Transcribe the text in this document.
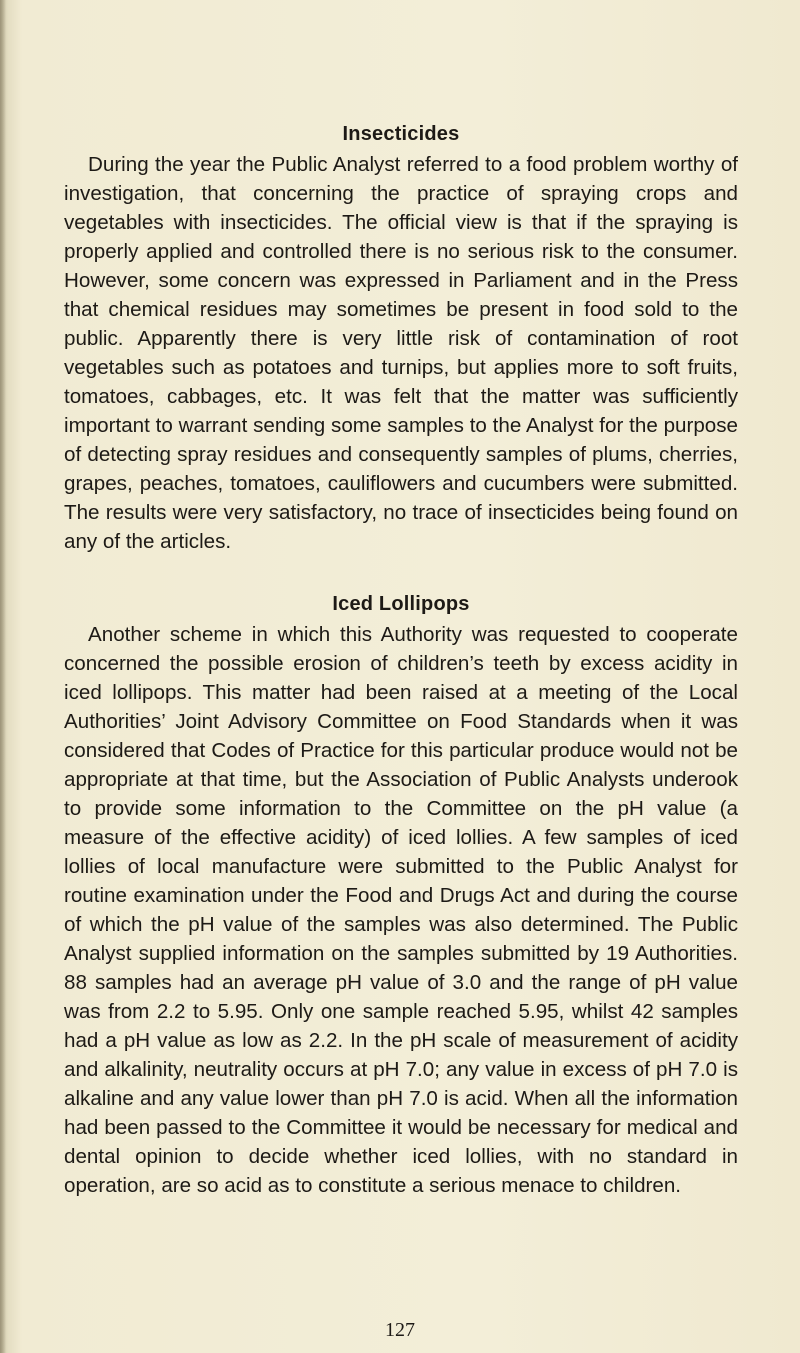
Insecticides

During the year the Public Analyst referred to a food problem worthy of investigation, that concerning the practice of spraying crops and vegetables with insecticides. The official view is that if the spraying is properly applied and controlled there is no serious risk to the consumer. However, some concern was expressed in Parliament and in the Press that chemical residues may sometimes be present in food sold to the public. Apparently there is very little risk of contamination of root vegetables such as potatoes and turnips, but applies more to soft fruits, tomatoes, cabbages, etc. It was felt that the matter was sufficiently important to warrant sending some samples to the Analyst for the purpose of detecting spray residues and consequently samples of plums, cherries, grapes, peaches, tomatoes, cauliflowers and cucumbers were submitted. The results were very satisfactory, no trace of insecticides being found on any of the articles.

Iced Lollipops

Another scheme in which this Authority was requested to cooperate concerned the possible erosion of children’s teeth by excess acidity in iced lollipops. This matter had been raised at a meeting of the Local Authorities’ Joint Advisory Committee on Food Standards when it was considered that Codes of Practice for this particular produce would not be appropriate at that time, but the Association of Public Analysts underook to provide some information to the Committee on the pH value (a measure of the effective acidity) of iced lollies. A few samples of iced lollies of local manufacture were submitted to the Public Analyst for routine examination under the Food and Drugs Act and during the course of which the pH value of the samples was also determined. The Public Analyst supplied information on the samples submitted by 19 Authorities. 88 samples had an average pH value of 3.0 and the range of pH value was from 2.2 to 5.95. Only one sample reached 5.95, whilst 42 samples had a pH value as low as 2.2. In the pH scale of measurement of acidity and alkalinity, neutrality occurs at pH 7.0; any value in excess of pH 7.0 is alkaline and any value lower than pH 7.0 is acid. When all the information had been passed to the Committee it would be necessary for medical and dental opinion to decide whether iced lollies, with no standard in operation, are so acid as to constitute a serious menace to children.

127
